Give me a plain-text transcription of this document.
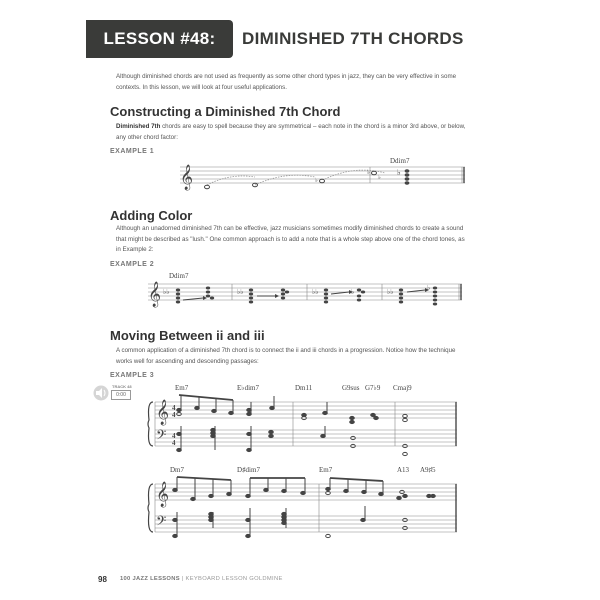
LESSON #48:	DIMINISHED 7TH CHORDS
Although diminished chords are not used as frequently as some other chord types in jazz, they can be very effective in some contexts. In this lesson, we will look at four useful applications.
Constructing a Diminished 7th Chord
Diminished 7th chords are easy to spell because they are symmetrical – each note in the chord is a minor 3rd above, or below, any other chord factor:
EXAMPLE 1
𝄞	♭
♭
♭
Ddim7
♭
Adding Color
Although an unadorned diminished 7th can be effective, jazz musicians sometimes modify diminished chords to create a sound that might be described as "lush." One common approach is to add a note that is a whole step above one of the chord tones, as in Example 2:
EXAMPLE 2
Ddim7
𝄞 ♭♭	♭♭	♭♭	♭	♭♭	♭
Moving Between ii and iii
A common application of a diminished 7th chord is to connect the ii and iii chords in a progression. Notice how the technique works well for ascending and descending passages:
EXAMPLE 3
TRACK 48
0:00
Em7	E♭dim7	Dm11	G9sus G7♭9 Cmaj9
𝄞
𝄢
4
4
4
4
Dm7	D♯dim7	Em7	A13 A9♯5
𝄞
𝄢
98 100 JAZZ LESSONS | KEYBOARD LESSON GOLDMINE
